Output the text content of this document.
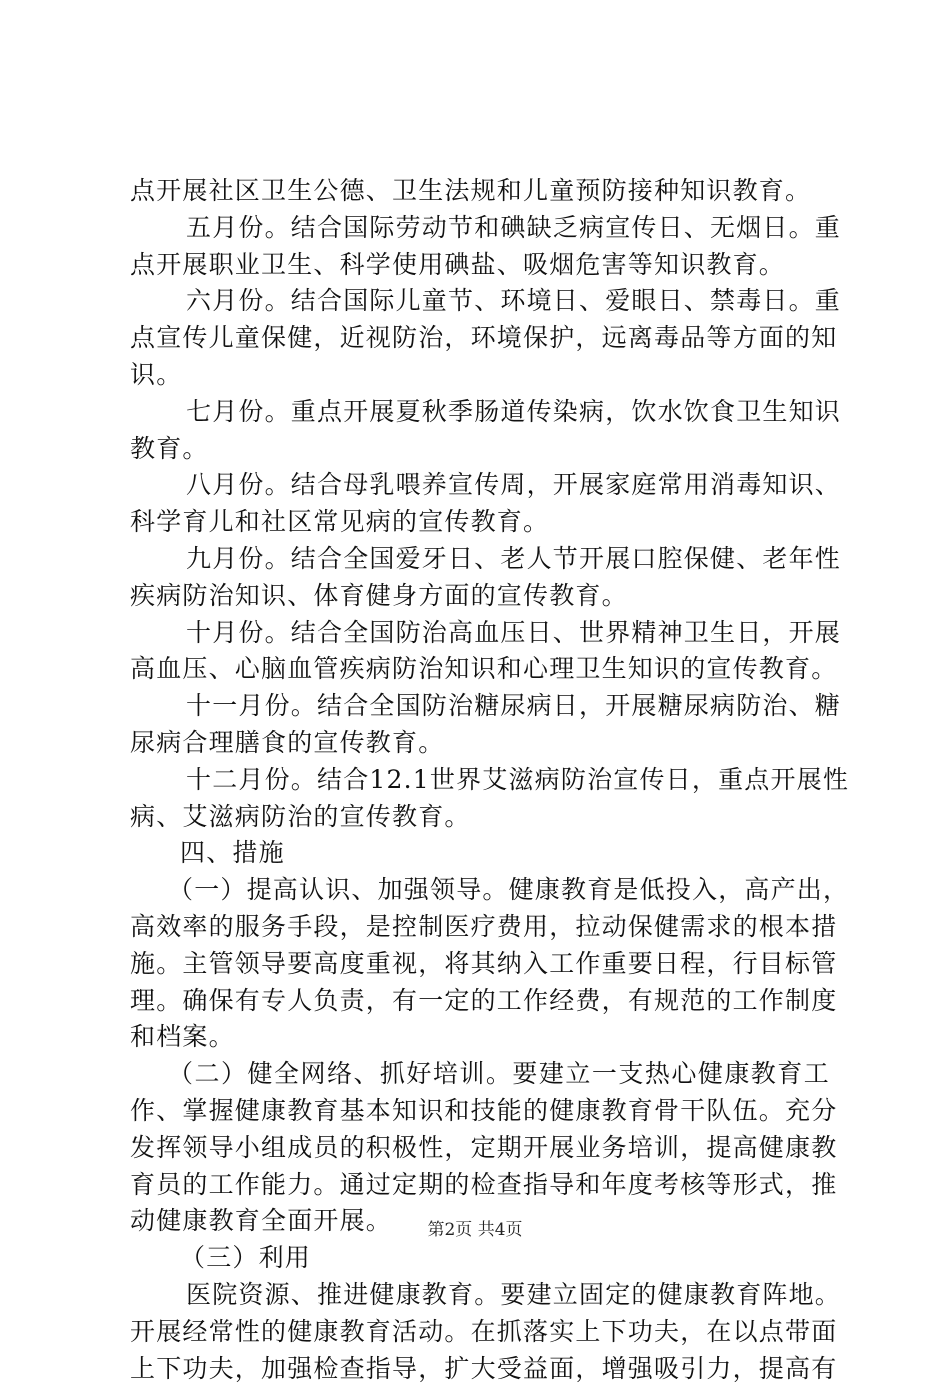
点开展社区卫生公德、卫生法规和儿童预防接种知识教育。
五月份。结合国际劳动节和碘缺乏病宣传日、无烟日。重
点开展职业卫生、科学使用碘盐、吸烟危害等知识教育。
六月份。结合国际儿童节、环境日、爱眼日、禁毒日。重
点宣传儿童保健，近视防治，环境保护，远离毒品等方面的知
识。
七月份。重点开展夏秋季肠道传染病，饮水饮食卫生知识
教育。
八月份。结合母乳喂养宣传周，开展家庭常用消毒知识、
科学育儿和社区常见病的宣传教育。
九月份。结合全国爱牙日、老人节开展口腔保健、老年性
疾病防治知识、体育健身方面的宣传教育。
十月份。结合全国防治高血压日、世界精神卫生日，开展
高血压、心脑血管疾病防治知识和心理卫生知识的宣传教育。
十一月份。结合全国防治糖尿病日，开展糖尿病防治、糖
尿病合理膳食的宣传教育。
十二月份。结合12.1世界艾滋病防治宣传日，重点开展性
病、艾滋病防治的宣传教育。
四、措施
（一）提高认识、加强领导。健康教育是低投入，高产出，
高效率的服务手段，是控制医疗费用，拉动保健需求的根本措
施。主管领导要高度重视，将其纳入工作重要日程，行目标管
理。确保有专人负责，有一定的工作经费，有规范的工作制度
和档案。
（二）健全网络、抓好培训。要建立一支热心健康教育工
作、掌握健康教育基本知识和技能的健康教育骨干队伍。充分
发挥领导小组成员的积极性，定期开展业务培训，提高健康教
育员的工作能力。通过定期的检查指导和年度考核等形式，推
动健康教育全面开展。
（三）利用
医院资源、推进健康教育。要建立固定的健康教育阵地。
开展经常性的健康教育活动。在抓落实上下功夫，在以点带面
上下功夫，加强检查指导，扩大受益面，增强吸引力，提高有
第2页 共4页
